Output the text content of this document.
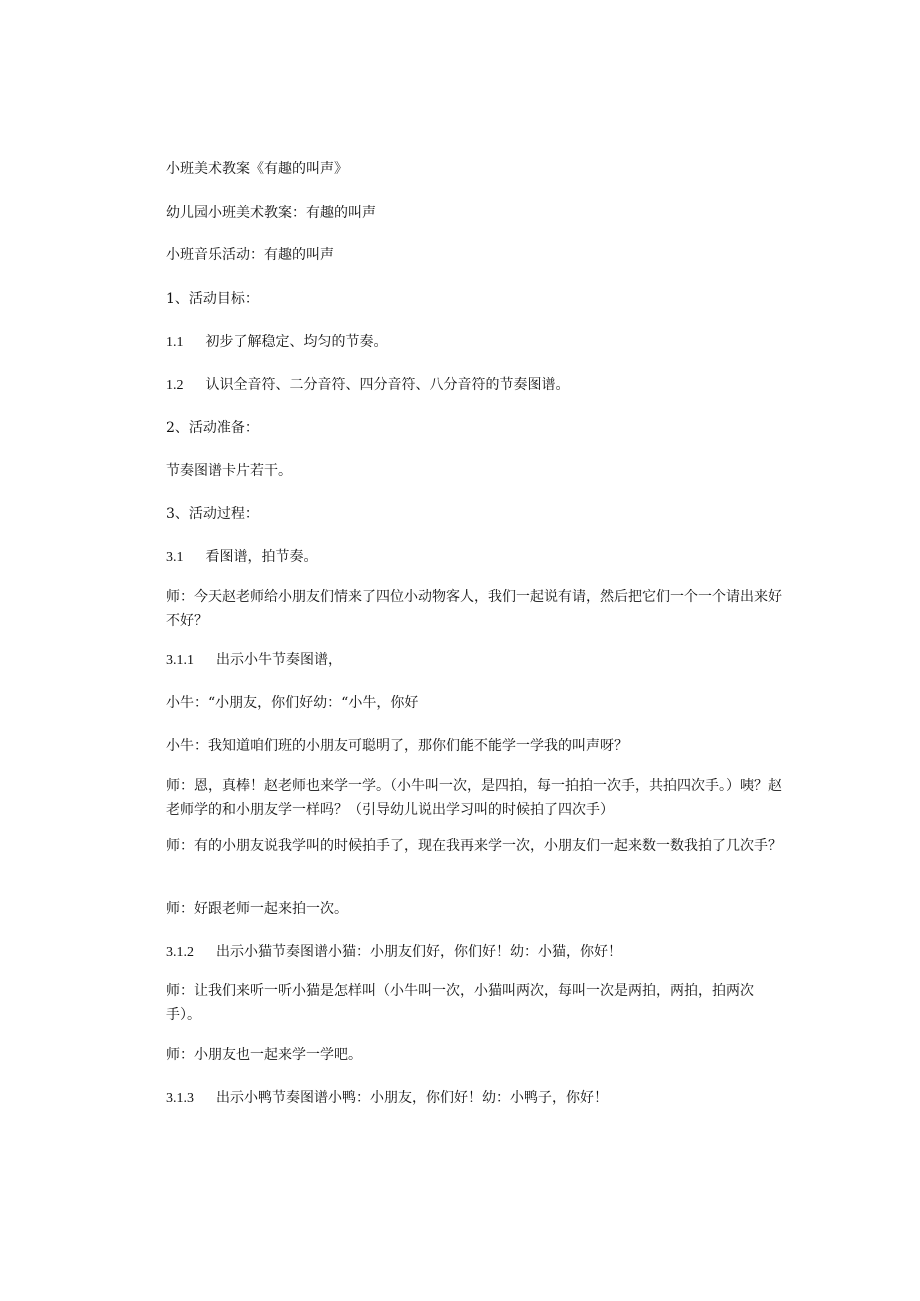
小班美术教案《有趣的叫声》

幼儿园小班美术教案：有趣的叫声

小班音乐活动：有趣的叫声

1、活动目标：

1.1 初步了解稳定、均匀的节奏。

1.2 认识全音符、二分音符、四分音符、八分音符的节奏图谱。

2、活动准备：

节奏图谱卡片若干。

3、活动过程：

3.1 看图谱，拍节奏。

师：今天赵老师给小朋友们情来了四位小动物客人，我们一起说有请，然后把它们一个一个请出来好不好？

3.1.1 出示小牛节奏图谱，

小牛：“小朋友，你们好幼：“小牛，你好

小牛：我知道咱们班的小朋友可聪明了，那你们能不能学一学我的叫声呀？

师：恩，真棒！赵老师也来学一学。（小牛叫一次，是四拍，每一拍拍一次手，共拍四次手。）咦？赵老师学的和小朋友学一样吗？（引导幼儿说出学习叫的时候拍了四次手）

师：有的小朋友说我学叫的时候拍手了，现在我再来学一次，小朋友们一起来数一数我拍了几次手？

师：好跟老师一起来拍一次。

3.1.2 出示小猫节奏图谱小猫：小朋友们好，你们好！幼：小猫，你好！

师：让我们来听一听小猫是怎样叫（小牛叫一次，小猫叫两次，每叫一次是两拍，两拍，拍两次手）。

师：小朋友也一起来学一学吧。

3.1.3 出示小鸭节奏图谱小鸭：小朋友，你们好！幼：小鸭子，你好！
